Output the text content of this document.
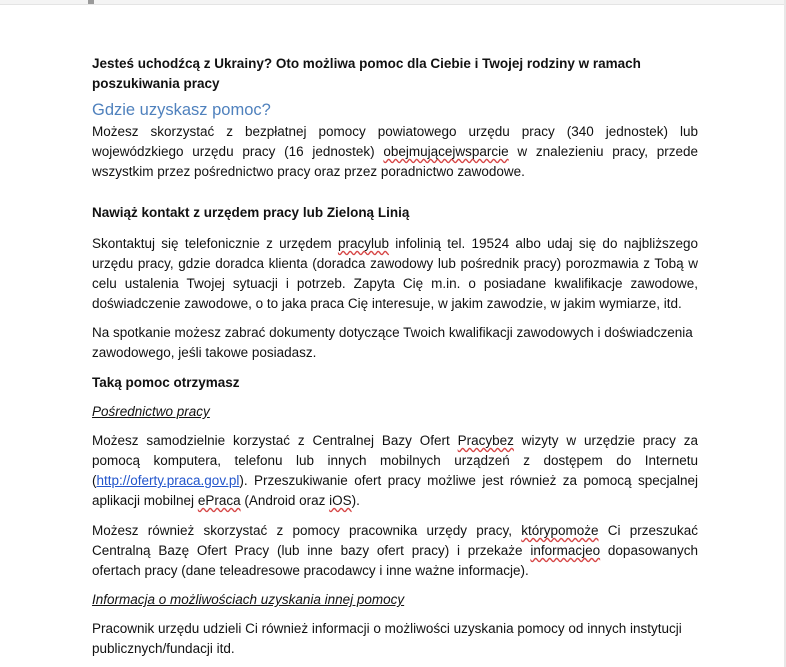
Jesteś uchodźcą z Ukrainy? Oto możliwa pomoc dla Ciebie i Twojej rodziny w ramach poszukiwania pracy

Gdzie uzyskasz pomoc?

Możesz skorzystać z bezpłatnej pomocy powiatowego urzędu pracy (340 jednostek) lub wojewódzkiego urzędu pracy (16 jednostek) obejmującejwsparcie w znalezieniu pracy, przede wszystkim przez pośrednictwo pracy oraz przez poradnictwo zawodowe.

Nawiąż kontakt z urzędem pracy lub Zieloną Linią

Skontaktuj się telefonicznie z urzędem pracylub infolinią tel. 19524 albo udaj się do najbliższego urzędu pracy, gdzie doradca klienta (doradca zawodowy lub pośrednik pracy) porozmawia z Tobą w celu ustalenia Twojej sytuacji i potrzeb. Zapyta Cię m.in. o posiadane kwalifikacje zawodowe, doświadczenie zawodowe, o to jaka praca Cię interesuje, w jakim zawodzie, w jakim wymiarze, itd.

Na spotkanie możesz zabrać dokumenty dotyczące Twoich kwalifikacji zawodowych i doświadczenia zawodowego, jeśli takowe posiadasz.

Taką pomoc otrzymasz

Pośrednictwo pracy

Możesz samodzielnie korzystać z Centralnej Bazy Ofert Pracybez wizyty w urzędzie pracy za pomocą komputera, telefonu lub innych mobilnych urządzeń z dostępem do Internetu (http://oferty.praca.gov.pl). Przeszukiwanie ofert pracy możliwe jest również za pomocą specjalnej aplikacji mobilnej ePraca (Android oraz iOS).

Możesz również skorzystać z pomocy pracownika urzędy pracy, którypomoże Ci przeszukać Centralną Bazę Ofert Pracy (lub inne bazy ofert pracy) i przekaże informacjeo dopasowanych ofertach pracy (dane teleadresowe pracodawcy i inne ważne informacje).

Informacja o możliwościach uzyskania innej pomocy

Pracownik urzędu udzieli Ci również informacji o możliwości uzyskania pomocy od innych instytucji publicznych/fundacji itd.
